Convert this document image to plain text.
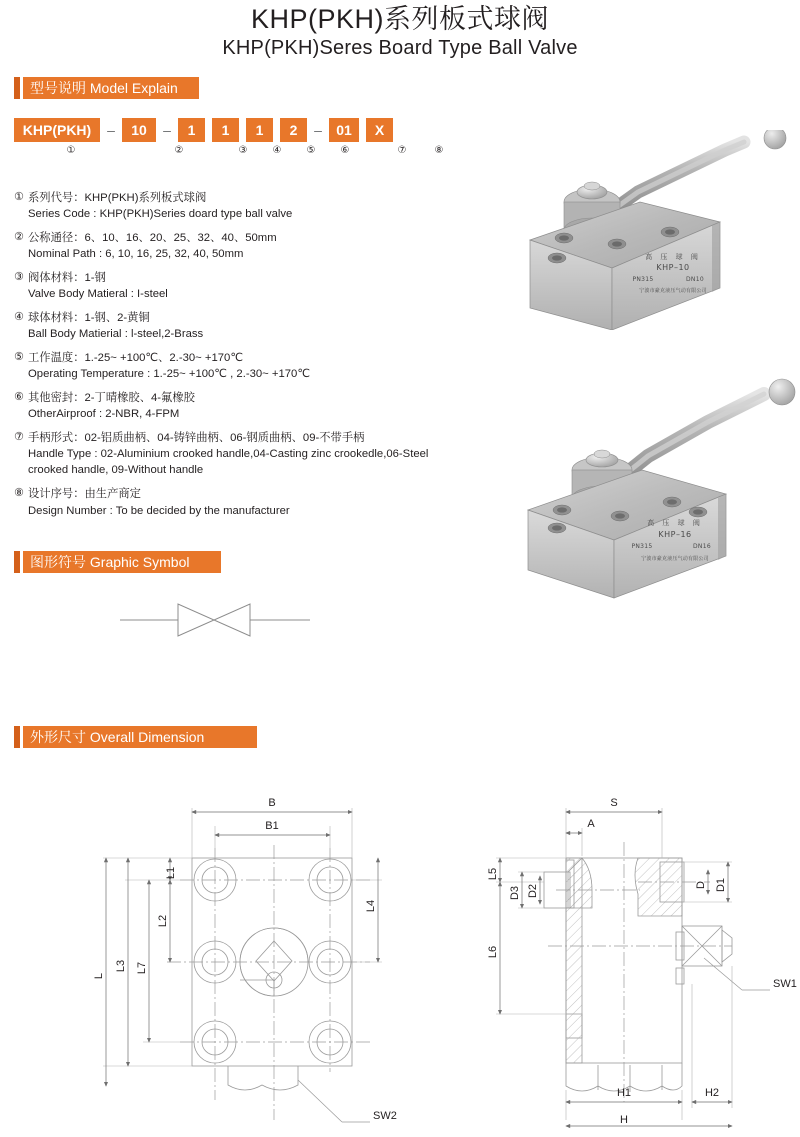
KHP(PKH)系列板式球阀
KHP(PKH)Seres Board Type Ball Valve
型号说明 Model Explain
KHP(PKH)	–	10	–	1	1	1	2	–	01	X
①	②	③	④	⑤	⑥	⑦	⑧
① 系列代号：KHP(PKH)系列板式球阀
Series Code : KHP(PKH)Series doard type ball valve
② 公称通径：6、10、16、20、25、32、40、50mm
Nominal Path : 6, 10, 16, 25, 32, 40, 50mm
③ 阀体材料：1-钢
Valve Body Matieral : I-steel
④ 球体材料：1-钢、2-黄铜
Ball Body Matierial : l-steel,2-Brass
⑤ 工作温度：1.-25~ +100℃、2.-30~ +170℃
Operating Temperature : 1.-25~ +100℃ , 2.-30~ +170℃
⑥ 其他密封：2-丁晴橡胶、4-氟橡胶
OtherAirproof : 2-NBR, 4-FPM
⑦ 手柄形式：02-铝质曲柄、04-铸锌曲柄、06-钢质曲柄、09-不带手柄
Handle Type : 02-Aluminium crooked handle,04-Casting zinc crookedle,06-Steel crooked handle, 09-Without handle
⑧ 设计序号：由生产商定
Design Number : To be decided by the manufacturer
高 压 球 阀
KHP–10
PN315	DN10
宁波市豪克液压气动有限公司
高 压 球 阀
KHP–16
PN315	DN16
宁波市豪克液压气动有限公司
图形符号 Graphic Symbol
外形尺寸 Overall Dimension
B
B1
L
L1
L2
L3
L4
L7
SW2
S
A
L5
L6
D D1
D2
D3
H
H1	H2
SW1
